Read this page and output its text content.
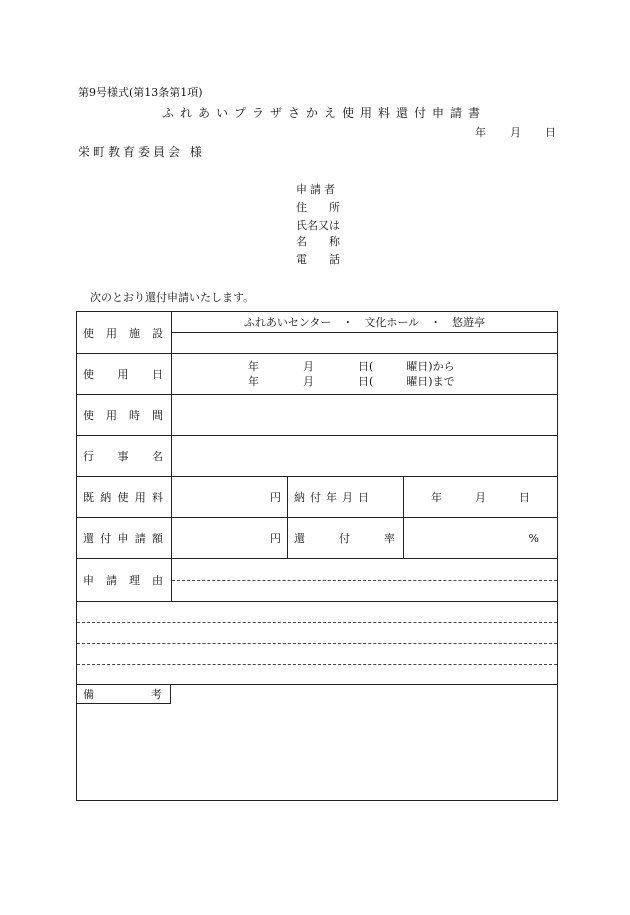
第9号様式(第13条第1項)
ふれあいプラザさかえ使用料還付申請書
年 月 日
栄町教育委員会 様
申請者
住　　所
氏名又は
名　　称
電　　話
次のとおり還付申請いたします。
使用施設	ふれあいセンター　・　文化ホール　・　悠遊亭		

使用日	年　　　　月　　　　日(　　　曜日)から
年　　　　月　　　　日(　　　曜日)まで		

使用時間			
行事名			
既納使用料	円	納付年月日	年　　　月　　　日
還付申請額	円	還付率	%
申請理由			

備考			
